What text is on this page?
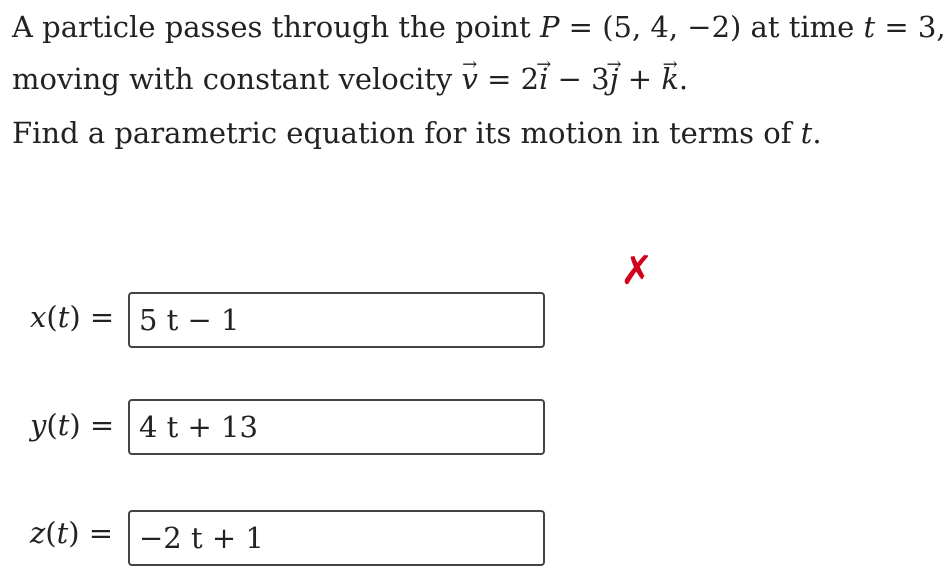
A particle passes through the point P = (5, 4, −2) at time t = 3,
moving with constant velocity → v = 2→ i − 3→ j + → k.
Find a parametric equation for its motion in terms of t.
✗
x(t) = 5 t − 1
y(t) = 4 t + 13
z(t) = −2 t + 1
